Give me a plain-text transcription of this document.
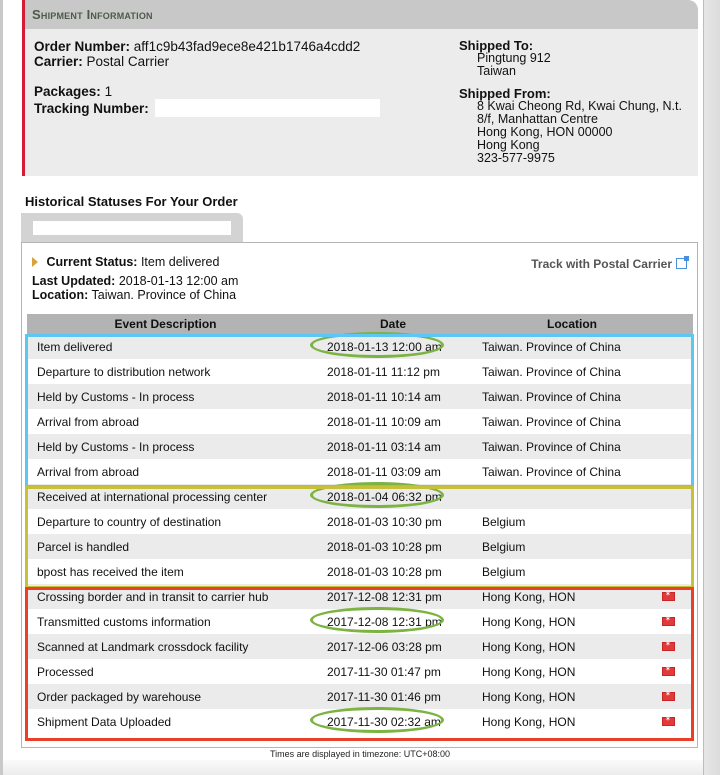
Shipment Information
Order Number: aff1c9b43fad9ece8e421b1746a4cdd2
Carrier: Postal Carrier
Packages: 1
Tracking Number:
Shipped To:
Pingtung 912
Taiwan
Shipped From:
8 Kwai Cheong Rd, Kwai Chung, N.t.
8/f, Manhattan Centre
Hong Kong, HON 00000
Hong Kong
323-577-9975
Historical Statuses For Your Order
Current Status: Item delivered
Last Updated: 2018-01-13 12:00 am
Location: Taiwan. Province of China
Track with Postal Carrier
Event Description	Date	Location	
Item delivered	2018-01-13 12:00 am	Taiwan. Province of China	
Departure to distribution network	2018-01-11 11:12 pm	Taiwan. Province of China	
Held by Customs - In process	2018-01-11 10:14 am	Taiwan. Province of China	
Arrival from abroad	2018-01-11 10:09 am	Taiwan. Province of China	
Held by Customs - In process	2018-01-11 03:14 am	Taiwan. Province of China	
Arrival from abroad	2018-01-11 03:09 am	Taiwan. Province of China	
Received at international processing center	2018-01-04 06:32 pm

Departure to country of destination	2018-01-03 10:30 pm	Belgium	
Parcel is handled	2018-01-03 10:28 pm	Belgium	
bpost has received the item	2018-01-03 10:28 pm	Belgium	
Crossing border and in transit to carrier hub	2017-12-08 12:31 pm	Hong Kong, HON	✶
Transmitted customs information	2017-12-08 12:31 pm	Hong Kong, HON	✶
Scanned at Landmark crossdock facility	2017-12-06 03:28 pm	Hong Kong, HON	✶
Processed	2017-11-30 01:47 pm	Hong Kong, HON	✶
Order packaged by warehouse	2017-11-30 01:46 pm	Hong Kong, HON	✶
Shipment Data Uploaded	2017-11-30 02:32 am	Hong Kong, HON	✶
Times are displayed in timezone: UTC+08:00
